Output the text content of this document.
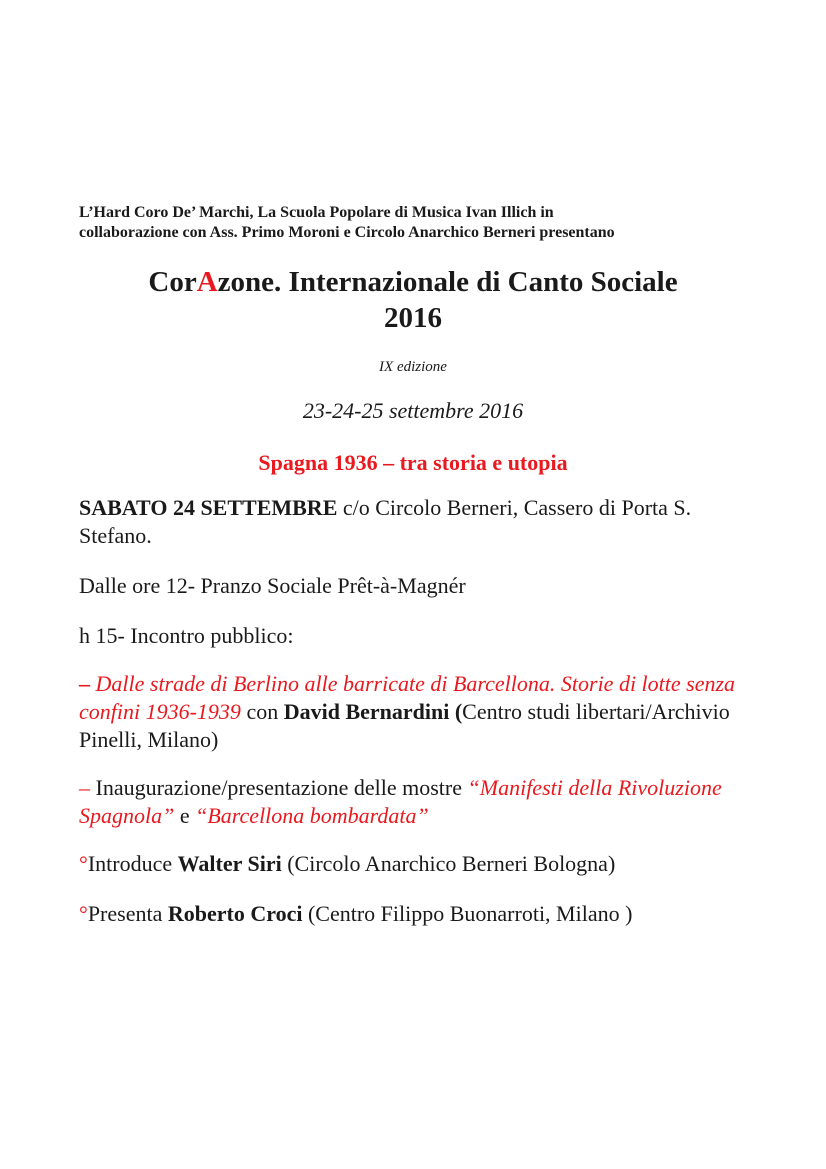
L’Hard Coro De’ Marchi, La Scuola Popolare di Musica Ivan Illich in
collaborazione con Ass. Primo Moroni e Circolo Anarchico Berneri presentano

CorAzone. Internazionale di Canto Sociale
2016

IX edizione

23-24-25 settembre 2016

Spagna 1936 – tra storia e utopia

SABATO 24 SETTEMBRE c/o Circolo Berneri, Cassero di Porta S. Stefano.

Dalle ore 12- Pranzo Sociale Prêt-à-Magnér

h 15- Incontro pubblico:

– Dalle strade di Berlino alle barricate di Barcellona. Storie di lotte senza confini 1936-1939 con David Bernardini (Centro studi libertari/Archivio Pinelli, Milano)

– Inaugurazione/presentazione delle mostre “Manifesti della Rivoluzione Spagnola” e “Barcellona bombardata”

°Introduce Walter Siri (Circolo Anarchico Berneri Bologna)

°Presenta Roberto Croci (Centro Filippo Buonarroti, Milano )
